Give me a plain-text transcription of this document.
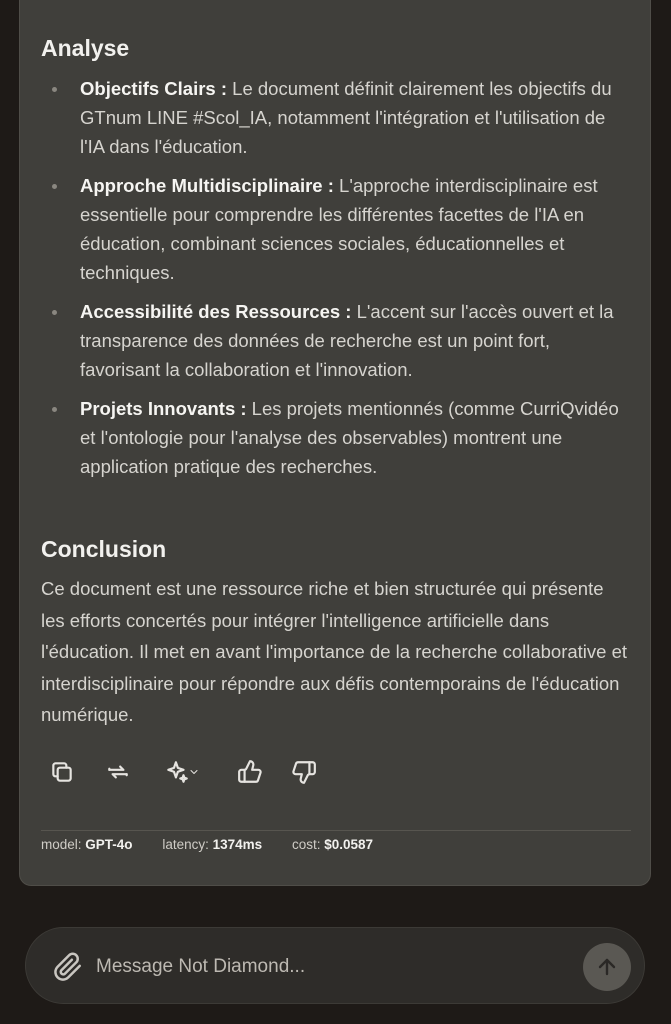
Analyse
Objectifs Clairs : Le document définit clairement les objectifs du GTnum LINE #Scol_IA, notamment l'intégration et l'utilisation de l'IA dans l'éducation.
Approche Multidisciplinaire : L'approche interdisciplinaire est essentielle pour comprendre les différentes facettes de l'IA en éducation, combinant sciences sociales, éducationnelles et techniques.
Accessibilité des Ressources : L'accent sur l'accès ouvert et la transparence des données de recherche est un point fort, favorisant la collaboration et l'innovation.
Projets Innovants : Les projets mentionnés (comme CurriQvidéo et l'ontologie pour l'analyse des observables) montrent une application pratique des recherches.
Conclusion

Ce document est une ressource riche et bien structurée qui présente les efforts concertés pour intégrer l'intelligence artificielle dans l'éducation. Il met en avant l'importance de la recherche collaborative et interdisciplinaire pour répondre aux défis contemporains de l'éducation numérique.

model: GPT-4o latency: 1374ms cost: $0.0587
Message Not Diamond...
